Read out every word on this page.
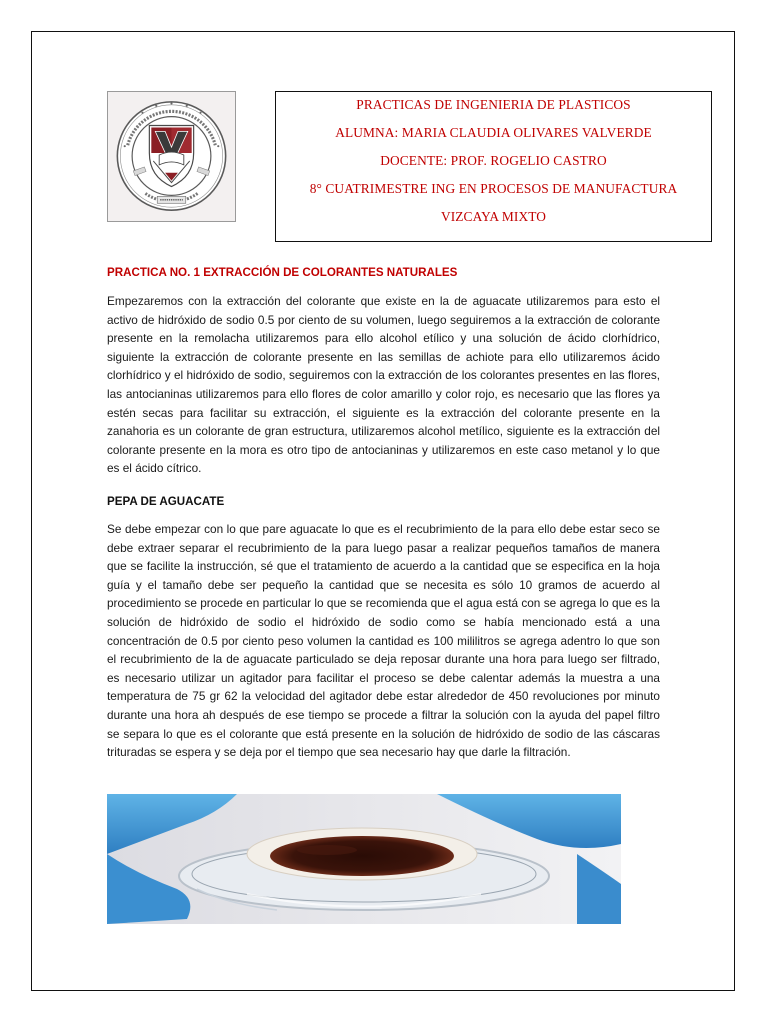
PRACTICAS DE INGENIERIA DE PLASTICOS
ALUMNA: MARIA CLAUDIA OLIVARES VALVERDE
DOCENTE: PROF. ROGELIO CASTRO
8° CUATRIMESTRE ING EN PROCESOS DE MANUFACTURA
VIZCAYA MIXTO
PRACTICA NO. 1 EXTRACCIÓN DE COLORANTES NATURALES

Empezaremos con la extracción del colorante que existe en la de aguacate utilizaremos para esto el activo de hidróxido de sodio 0.5 por ciento de su volumen, luego seguiremos a la extracción de colorante presente en la remolacha utilizaremos para ello alcohol etílico y una solución de ácido clorhídrico, siguiente la extracción de colorante presente en las semillas de achiote para ello utilizaremos ácido clorhídrico y el hidróxido de sodio, seguiremos con la extracción de los colorantes presentes en las flores, las antocianinas utilizaremos para ello flores de color amarillo y color rojo, es necesario que las flores ya estén secas para facilitar su extracción, el siguiente es la extracción del colorante presente en la zanahoria es un colorante de gran estructura, utilizaremos alcohol metílico, siguiente es la extracción del colorante presente en la mora es otro tipo de antocianinas y utilizaremos en este caso metanol y lo que es el ácido cítrico.

PEPA DE AGUACATE

Se debe empezar con lo que pare aguacate lo que es el recubrimiento de la para ello debe estar seco se debe extraer separar el recubrimiento de la para luego pasar a realizar pequeños tamaños de manera que se facilite la instrucción, sé que el tratamiento de acuerdo a la cantidad que se especifica en la hoja guía y el tamaño debe ser pequeño la cantidad que se necesita es sólo 10 gramos de acuerdo al procedimiento se procede en particular lo que se recomienda que el agua está con se agrega lo que es la solución de hidróxido de sodio el hidróxido de sodio como se había mencionado está a una concentración de 0.5 por ciento peso volumen la cantidad es 100 mililitros se agrega adentro lo que son el recubrimiento de la de aguacate particulado se deja reposar durante una hora para luego ser filtrado, es necesario utilizar un agitador para facilitar el proceso se debe calentar además la muestra a una temperatura de 75 gr 62 la velocidad del agitador debe estar alrededor de 450 revoluciones por minuto durante una hora ah después de ese tiempo se procede a filtrar la solución con la ayuda del papel filtro se separa lo que es el colorante que está presente en la solución de hidróxido de sodio de las cáscaras trituradas se espera y se deja por el tiempo que sea necesario hay que darle la filtración.
